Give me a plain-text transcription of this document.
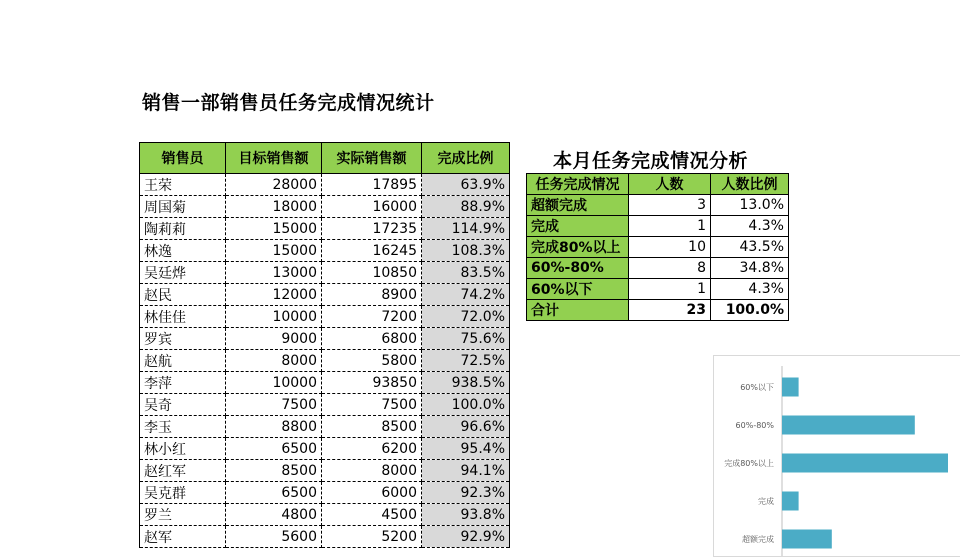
销售一部销售员任务完成情况统计
销售员	目标销售额	实际销售额	完成比例
王荣	28000	17895	63.9%
周国菊	18000	16000	88.9%
陶莉莉	15000	17235	114.9%
林逸	15000	16245	108.3%
吴廷烨	13000	10850	83.5%
赵民	12000	8900	74.2%
林佳佳	10000	7200	72.0%
罗宾	9000	6800	75.6%
赵航	8000	5800	72.5%
李萍	10000	93850	938.5%
吴奇	7500	7500	100.0%
李玉	8800	8500	96.6%
林小红	6500	6200	95.4%
赵红军	8500	8000	94.1%
吴克群	6500	6000	92.3%
罗兰	4800	4500	93.8%
赵军	5600	5200	92.9%
本月任务完成情况分析
任务完成情况	人数	人数比例
超额完成	3	13.0%
完成	1	4.3%
完成80%以上	10	43.5%
60%-80%	8	34.8%
60%以下	1	4.3%
合计	23	100.0%
60%以下
60%-80%
完成80%以上
完成
超额完成
